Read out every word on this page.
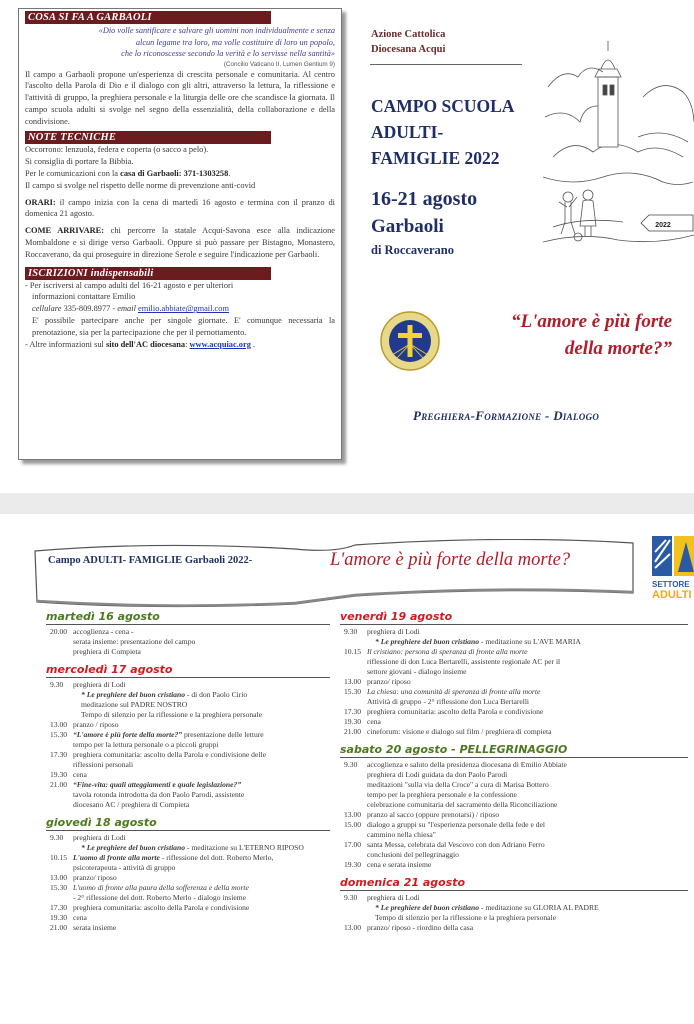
COSA SI FA A GARBAOLI
«Dio volle santificare e salvare gli uomini non individualmente e senza
alcun legame tra loro, ma volle costituire di loro un popolo,
che lo riconoscesse secondo la verità e lo servisse nella santità»
(Concilio Vaticano II, Lumen Gentium 9)
Il campo a Garbaoli propone un'esperienza di crescita personale e comunitaria. Al centro l'ascolto della Parola di Dio e il dialogo con gli altri, attraverso la lettura, la riflessione e l'attività di gruppo, la preghiera personale e la liturgia delle ore che scandisce la giornata. Il campo scuola adulti si svolge nel segno della essenzialità, della collaborazione e della condivisione.
NOTE TECNICHE
Occorrono: lenzuola, federa e coperta (o sacco a pelo).
Si consiglia di portare la Bibbia.
Per le comunicazioni con la casa di Garbaoli: 371-1303258.
Il campo si svolge nel rispetto delle norme di prevenzione anti-covid
ORARI: il campo inizia con la cena di martedì 16 agosto e termina con il pranzo di domenica 21 agosto.
COME ARRIVARE: chi percorre la statale Acqui-Savona esce alla indicazione Mombaldone e si dirige verso Garbaoli. Oppure si può passare per Bistagno, Monastero, Roccaverano, da qui proseguire in direzione Serole e seguire l'indicazione per Garbaoli.
ISCRIZIONI indispensabili
- Per iscriversi al campo adulti del 16-21 agosto e per ulteriori
informazioni contattare Emilio
cellulare 335-809.8977 - email emilio.abbiate@gmail.com
E' possibile partecipare anche per singole giornate. E' comunque necessaria la prenotazione, sia per la partecipazione che per il pernottamento.
- Altre informazioni sul sito dell'AC diocesana: www.acquiac.org .
Azione Cattolica
Diocesana Acqui
CAMPO SCUOLA
ADULTI-
FAMIGLIE 2022
16-21 agosto
Garbaoli
di Roccaverano
2022
“L'amore è più forte
della morte?”
Preghiera-Formazione - Dialogo
SETTORE
ADULTI
Campo ADULTI- FAMIGLIE Garbaoli 2022-	L'amore è più forte della morte?
martedì 16 agosto
20.00 accoglienza - cena -
serata insieme: presentazione del campo
preghiera di Compieta
mercoledì 17 agosto
9.30	preghiera di Lodi
* Le preghiere del buon cristiano - di don Paolo Cirio
meditazione sul PADRE NOSTRO
Tempo di silenzio per la riflessione e la preghiera personale
13.00 pranzo / riposo
15.30 “L'amore è più forte della morte?” presentazione delle letture
tempo per la lettura personale o a piccoli gruppi
17.30 preghiera comunitaria: ascolto della Parola e condivisione delle
riflessioni personali
19.30 cena
21.00 “Fine-vita: quali atteggiamenti e quale legislazione?”
tavola rotonda introdotta da don Paolo Parodi, assistente
diocesano AC / preghiera di Compieta
giovedì 18 agosto
9.30	preghiera di Lodi
* Le preghiere del buon cristiano - meditazione su L'ETERNO RIPOSO
10.15 L'uomo di fronte alla morte - riflessione del dott. Roberto Merlo,
psicoterapeuta - attività di gruppo
13.00 pranzo/ riposo
15.30 L'uomo di fronte alla paura della sofferenza e della morte
- 2° riflessione del dott. Roberto Merlo - dialogo insieme
17.30 preghiera comunitaria: ascolto della Parola e condivisione
19.30 cena
21.00 serata insieme
venerdì 19 agosto
9.30	preghiera di Lodi
* Le preghiere del buon cristiano - meditazione su L'AVE MARIA
10.15 Il cristiano: persona di speranza di fronte alla morte
riflessione di don Luca Bertarelli, assistente regionale AC per il
settore giovani - dialogo insieme
13.00 pranzo/ riposo
15.30 La chiesa: una comunità di speranza di fronte alla morte
Attività di gruppo - 2° riflessione don Luca Bertarelli
17.30 preghiera comunitaria: ascolto della Parola e condivisione
19.30 cena
21.00 cineforum: visione e dialogo sul film / preghiera di compieta
sabato 20 agosto - PELLEGRINAGGIO
9.30	accoglienza e saluto della presidenza diocesana di Emilio Abbiate
preghiera di Lodi guidata da don Paolo Parodi
meditazioni "sulla via della Croce" a cura di Marisa Bottero
tempo per la preghiera personale e la confessione
celebrazione comunitaria del sacramento della Riconciliazione
13.00 pranzo al sacco (oppure prenotarsi) / riposo
15.00 dialogo a gruppi su "l'esperienza personale della fede e del
cammino nella chiesa"
17.00 santa Messa, celebrata dal Vescovo con don Adriano Ferro
conclusioni del pellegrinaggio
19.30 cena e serata insieme
domenica 21 agosto
9.30	preghiera di Lodi
* Le preghiere del buon cristiano - meditazione su GLORIA AL PADRE
Tempo di silenzio per la riflessione e la preghiera personale
13.00 pranzo/ riposo - riordino della casa
